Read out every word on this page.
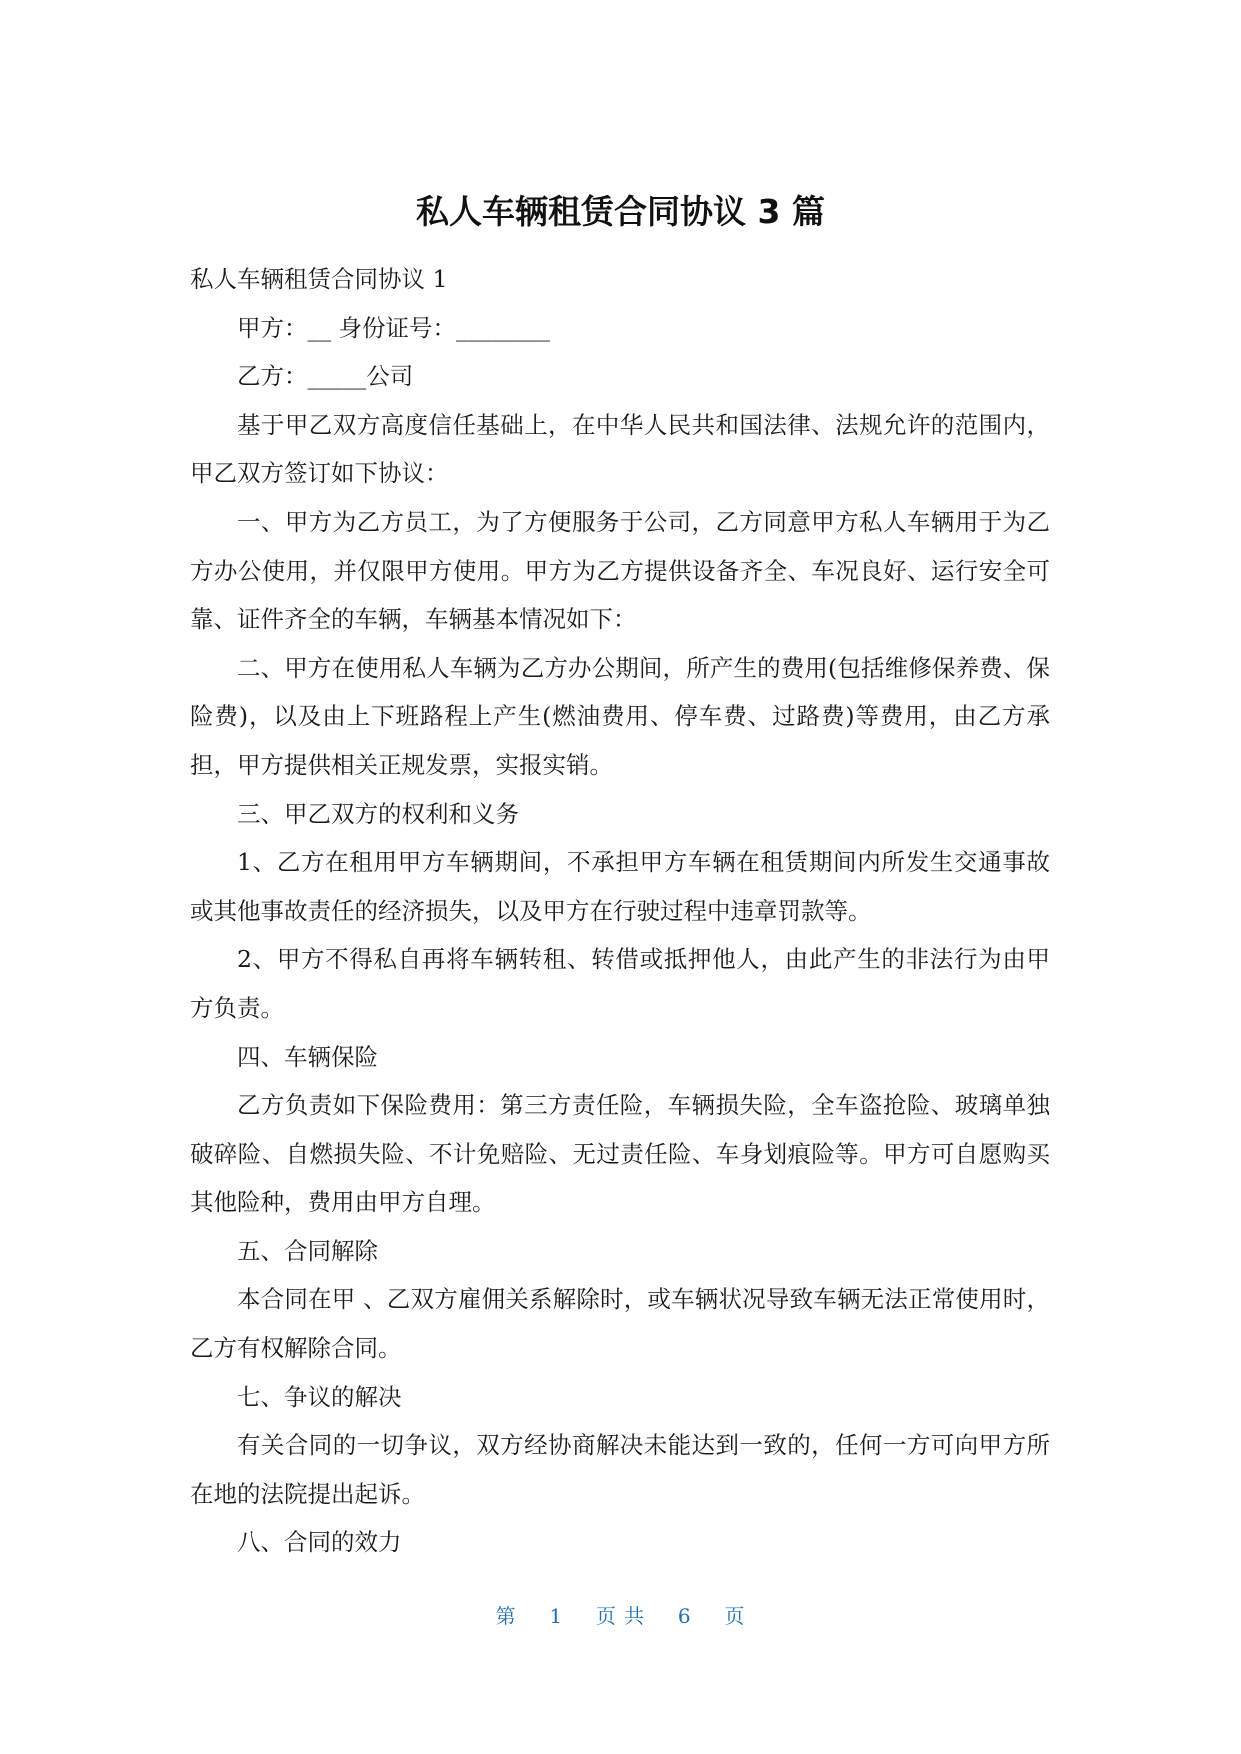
私人车辆租赁合同协议 3 篇

私人车辆租赁合同协议 1

甲方：__ 身份证号：________

乙方：_____公司

基于甲乙双方高度信任基础上，在中华人民共和国法律、法规允许的范围内，甲乙双方签订如下协议：

一、甲方为乙方员工，为了方便服务于公司，乙方同意甲方私人车辆用于为乙方办公使用，并仅限甲方使用。甲方为乙方提供设备齐全、车况良好、运行安全可靠、证件齐全的车辆，车辆基本情况如下：

二、甲方在使用私人车辆为乙方办公期间，所产生的费用(包括维修保养费、保险费)，以及由上下班路程上产生(燃油费用、停车费、过路费)等费用，由乙方承担，甲方提供相关正规发票，实报实销。

三、甲乙双方的权利和义务

1、乙方在租用甲方车辆期间，不承担甲方车辆在租赁期间内所发生交通事故或其他事故责任的经济损失，以及甲方在行驶过程中违章罚款等。

2、甲方不得私自再将车辆转租、转借或抵押他人，由此产生的非法行为由甲方负责。

四、车辆保险

乙方负责如下保险费用：第三方责任险，车辆损失险，全车盗抢险、玻璃单独破碎险、自燃损失险、不计免赔险、无过责任险、车身划痕险等。甲方可自愿购买其他险种，费用由甲方自理。

五、合同解除

本合同在甲 、乙双方雇佣关系解除时，或车辆状况导致车辆无法正常使用时，乙方有权解除合同。

七、争议的解决

有关合同的一切争议，双方经协商解决未能达到一致的，任何一方可向甲方所在地的法院提出起诉。

八、合同的效力

第 1 页 共 6 页
